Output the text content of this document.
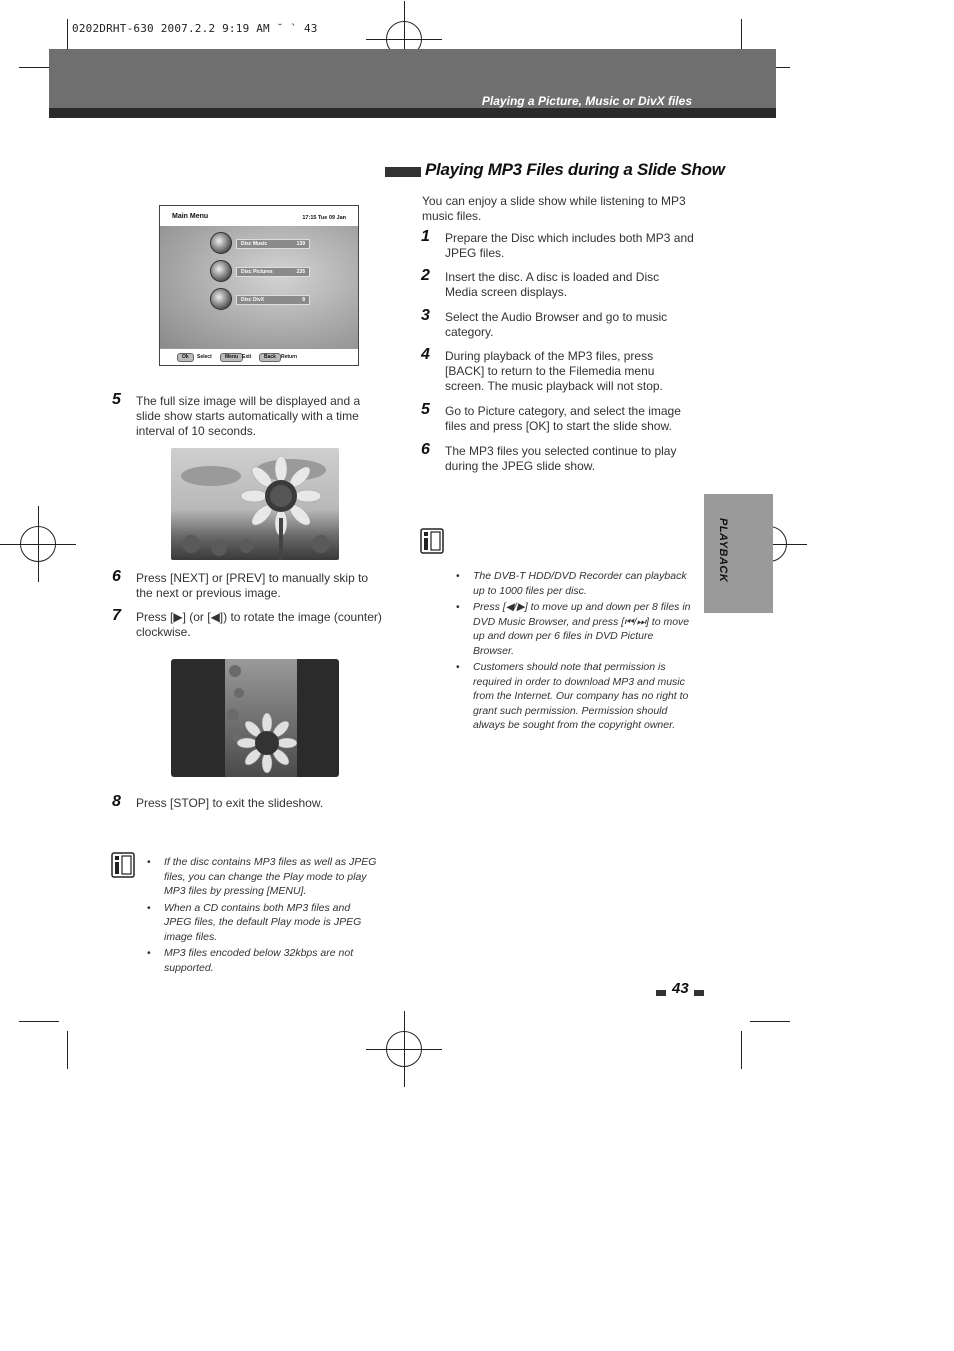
0202DRHT-630 2007.2.2 9:19 AM ˘ ` 43
Playing a Picture, Music or DivX files
Playing MP3 Files during a Slide Show
You can enjoy a slide show while listening to MP3 music files.
1 Prepare the Disc which includes both MP3 and JPEG files.
2 Insert the disc. A disc is loaded and Disc Media screen displays.
3 Select the Audio Browser and go to music category.
4 During playback of the MP3 files, press [BACK] to return to the Filemedia menu screen. The music playback will not stop.
5 Go to Picture category, and select the image files and press [OK] to start the slide show.
6 The MP3 files you selected continue to play during the JPEG slide show.
• The DVB-T HDD/DVD Recorder can playback up to 1000 files per disc.
• Press [◀/▶] to move up and down per 8 files in DVD Music Browser, and press [⏮/⏭] to move up and down per 6 files in DVD Picture Browser.
• Customers should note that permission is required in order to download MP3 and music from the Internet. Our company has no right to grant such permission. Permission should always be sought from the copyright owner.
PLAYBACK
Main Menu	17:15 Tue 09 Jan
Disc Music	139
Disc Pictures	235
Disc DivX	8
Ok	Select	Menu Exit	Back	Return
5 The full size image will be displayed and a slide show starts automatically with a time interval of 10 seconds.
6 Press [NEXT] or [PREV] to manually skip to the next or previous image.
7 Press [▶] (or [◀]) to rotate the image (counter) clockwise.
8 Press [STOP] to exit the slideshow.
• If the disc contains MP3 files as well as JPEG files, you can change the Play mode to play MP3 files by pressing [MENU].
• When a CD contains both MP3 files and JPEG files, the default Play mode is JPEG image files.
• MP3 files encoded below 32kbps are not supported.
43
